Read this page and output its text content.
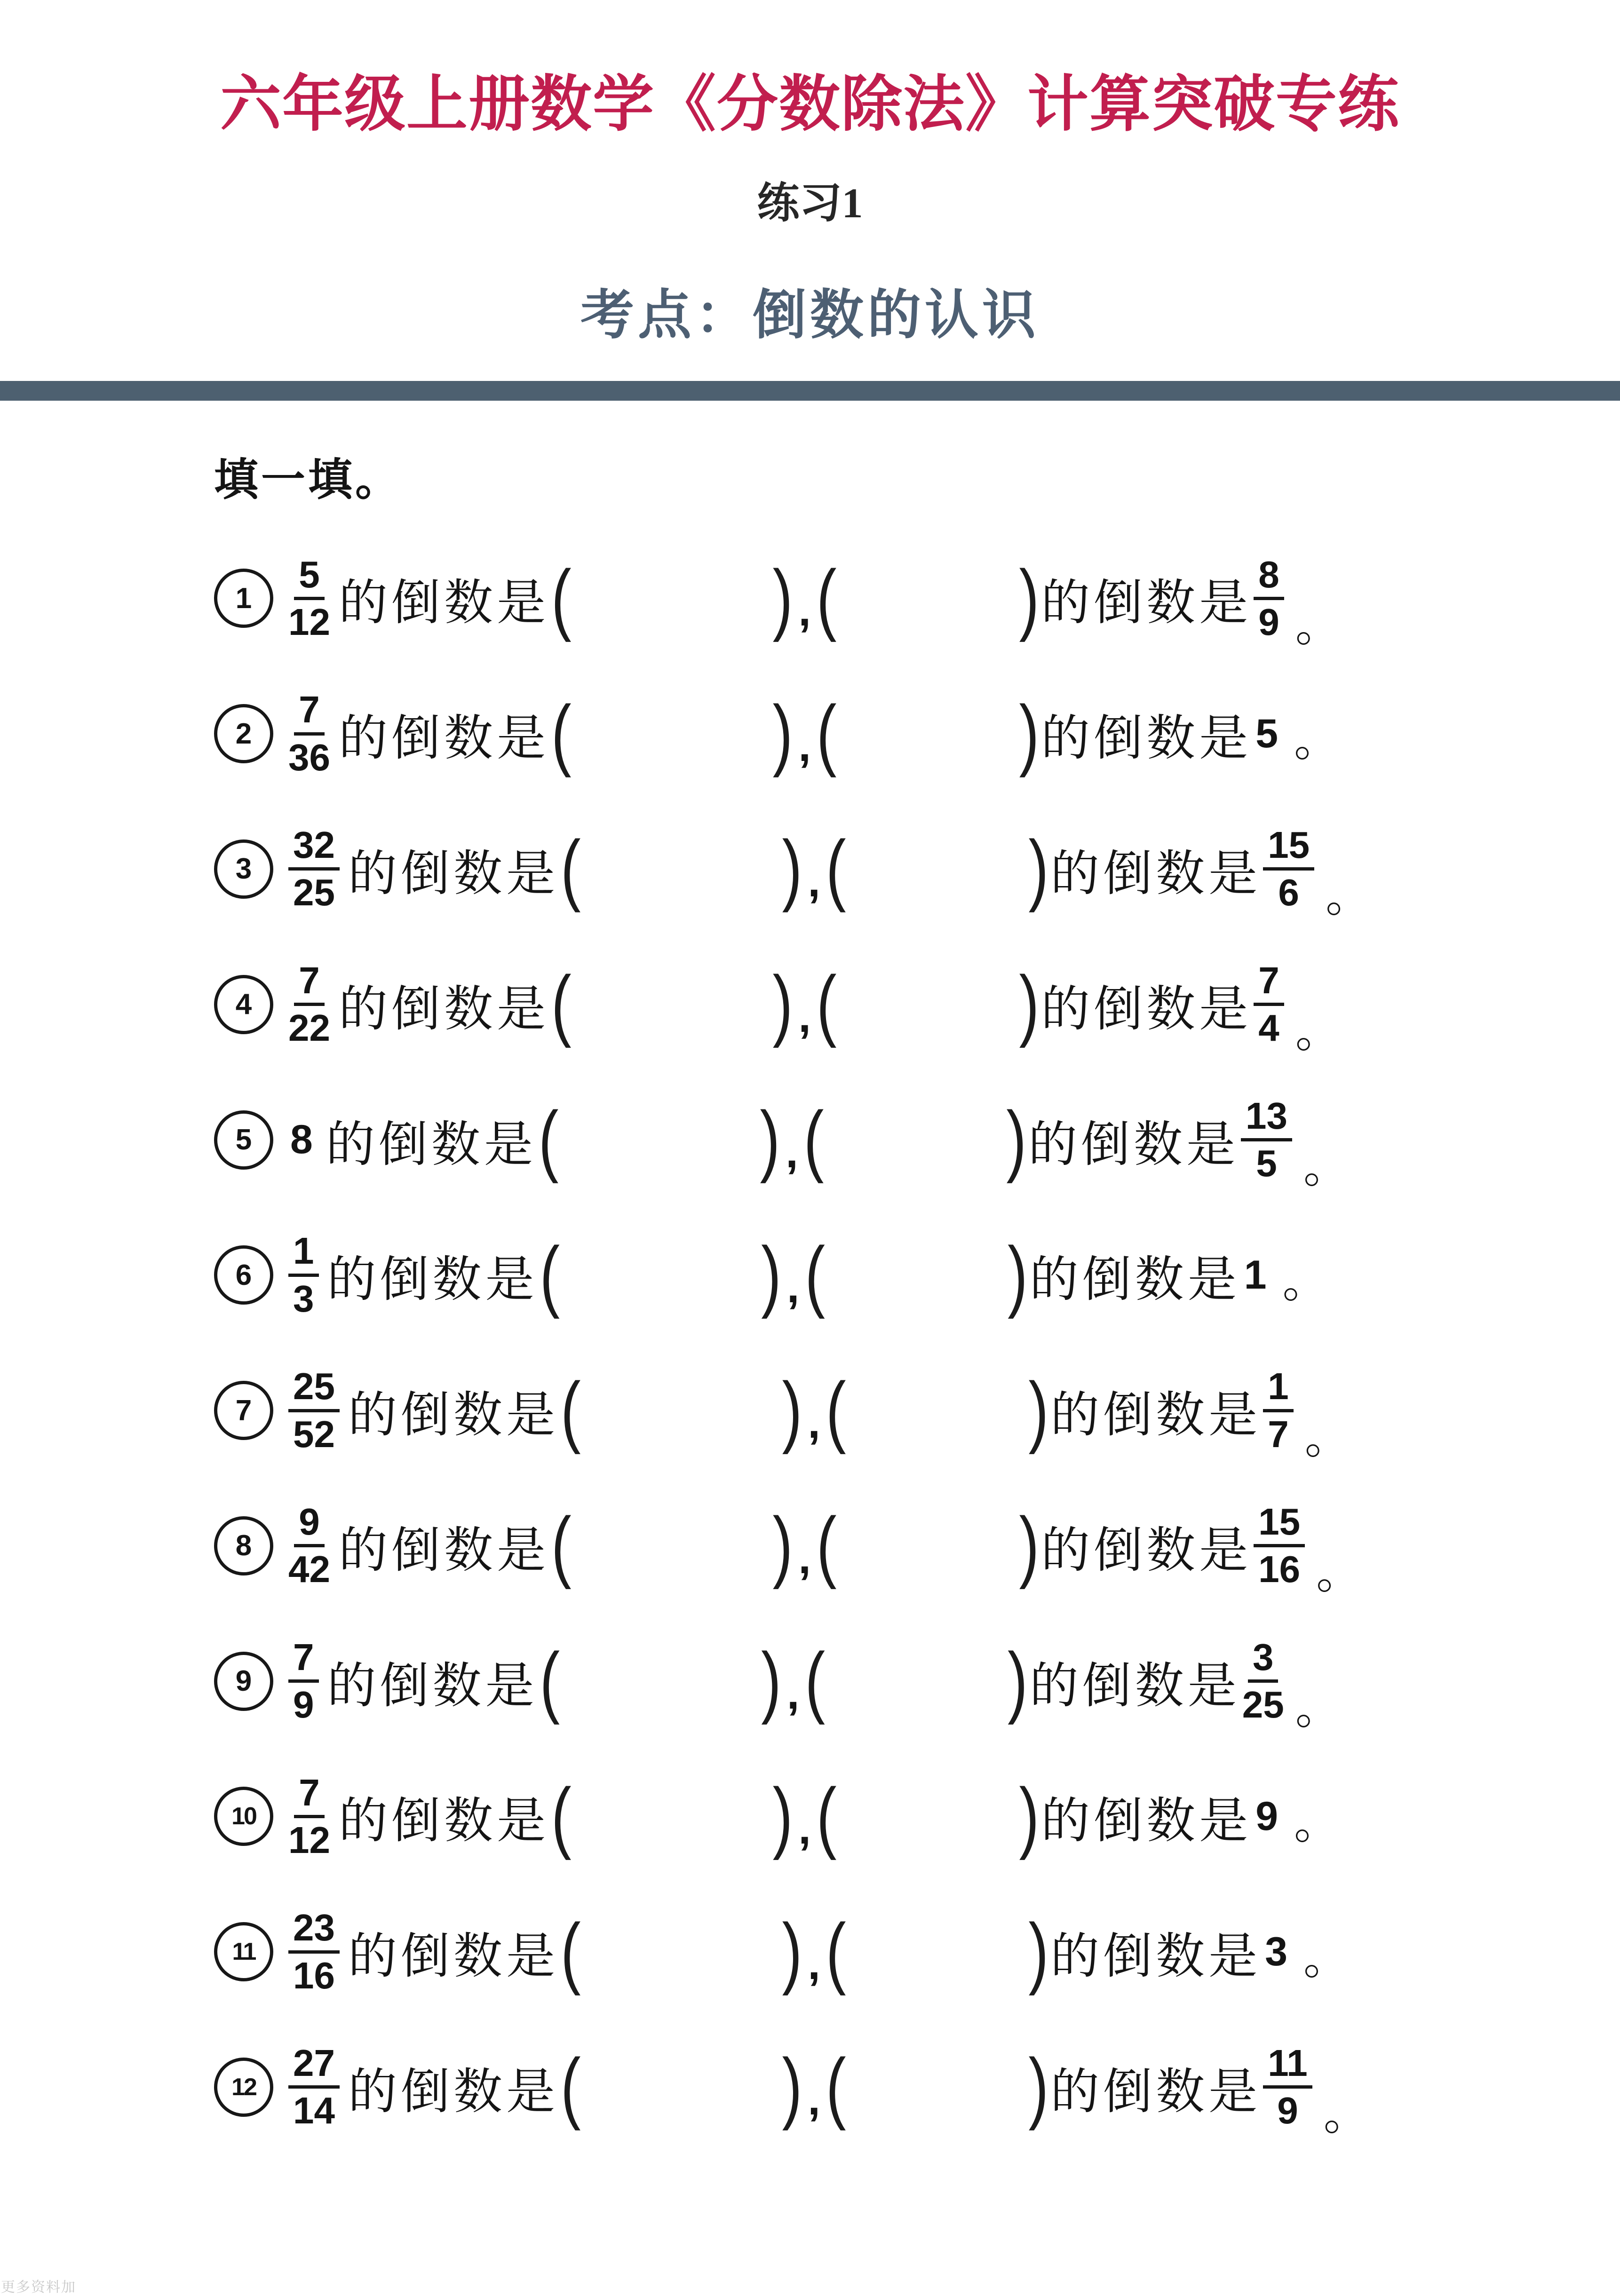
六年级上册数学《分数除法》计算突破专练
练习1
考点：倒数的认识
填一填。
$1 \frac{5}{12}$ 的倒数是 (	) , (	) 的倒数是 $\frac{8}{9}$ 。
$2 \frac{7}{36}$ 的倒数是 (	) , (	) 的倒数是 5 。
$3 \frac{32}{25}$ 的倒数是 (	) , (	) 的倒数是 $\frac{15}{6}$ 。
$4 \frac{7}{22}$ 的倒数是 (	) , (	) 的倒数是 $\frac{7}{4}$ 。
5 8 的倒数是 (	) , (	) 的倒数是 $\frac{13}{5}$ 。
$6 \frac{1}{3}$ 的倒数是 (	) , (	) 的倒数是 1 。
$7 \frac{25}{52}$ 的倒数是 (	) , (	) 的倒数是 $\frac{1}{7}$ 。
$8 \frac{9}{42}$ 的倒数是 (	) , (	) 的倒数是 $\frac{15}{16}$ 。
$9 \frac{7}{9}$ 的倒数是 (	) , (	) 的倒数是 $\frac{3}{25}$ 。
$10 \frac{7}{12}$ 的倒数是 (	) , (	) 的倒数是 9 。
$11 \frac{23}{16}$ 的倒数是 (	) , (	) 的倒数是 3 。
$12 \frac{27}{14}$ 的倒数是 (	) , (	) 的倒数是 $\frac{11}{9}$ 。
更多资料加
